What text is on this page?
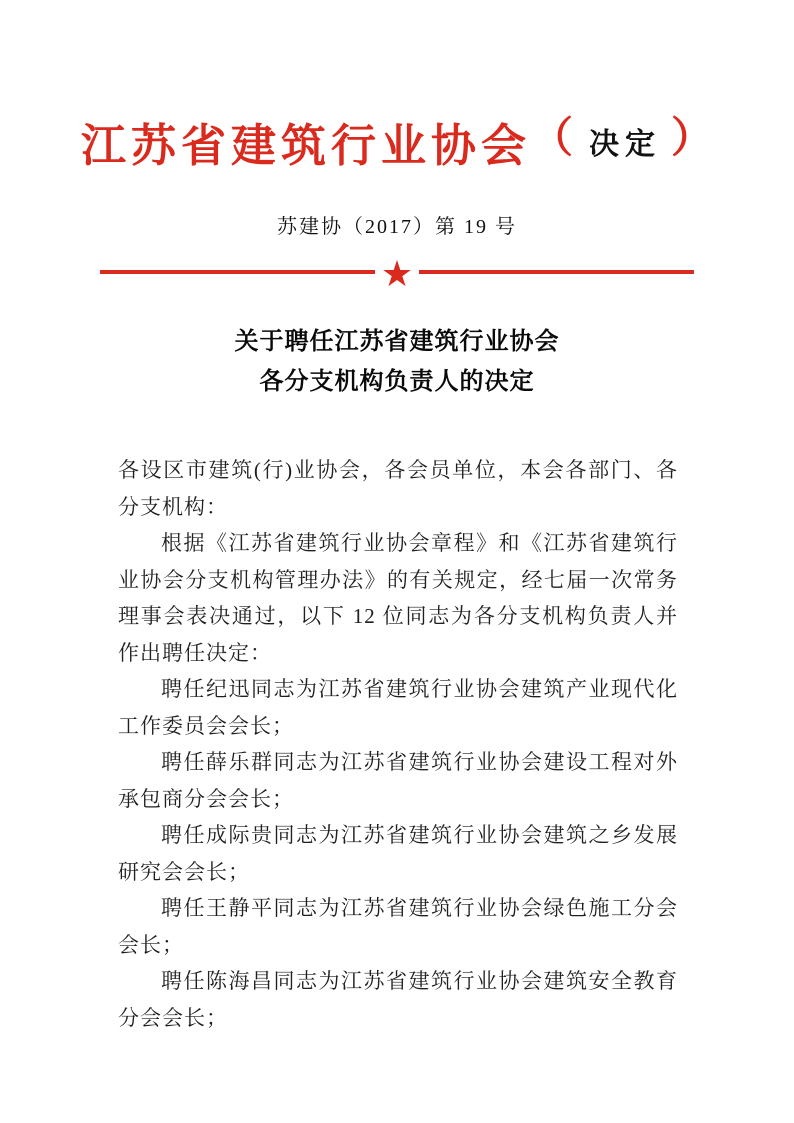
江苏省建筑行业协会 （ 决定 ）
苏建协（2017）第 19 号
★
关于聘任江苏省建筑行业协会
各分支机构负责人的决定

各设区市建筑(行)业协会，各会员单位，本会各部门、各分支机构：

根据《江苏省建筑行业协会章程》和《江苏省建筑行业协会分支机构管理办法》的有关规定，经七届一次常务理事会表决通过，以下 12 位同志为各分支机构负责人并作出聘任决定：

聘任纪迅同志为江苏省建筑行业协会建筑产业现代化工作委员会会长；

聘任薛乐群同志为江苏省建筑行业协会建设工程对外承包商分会会长；

聘任成际贵同志为江苏省建筑行业协会建筑之乡发展研究会会长；

聘任王静平同志为江苏省建筑行业协会绿色施工分会会长；

聘任陈海昌同志为江苏省建筑行业协会建筑安全教育分会会长；
